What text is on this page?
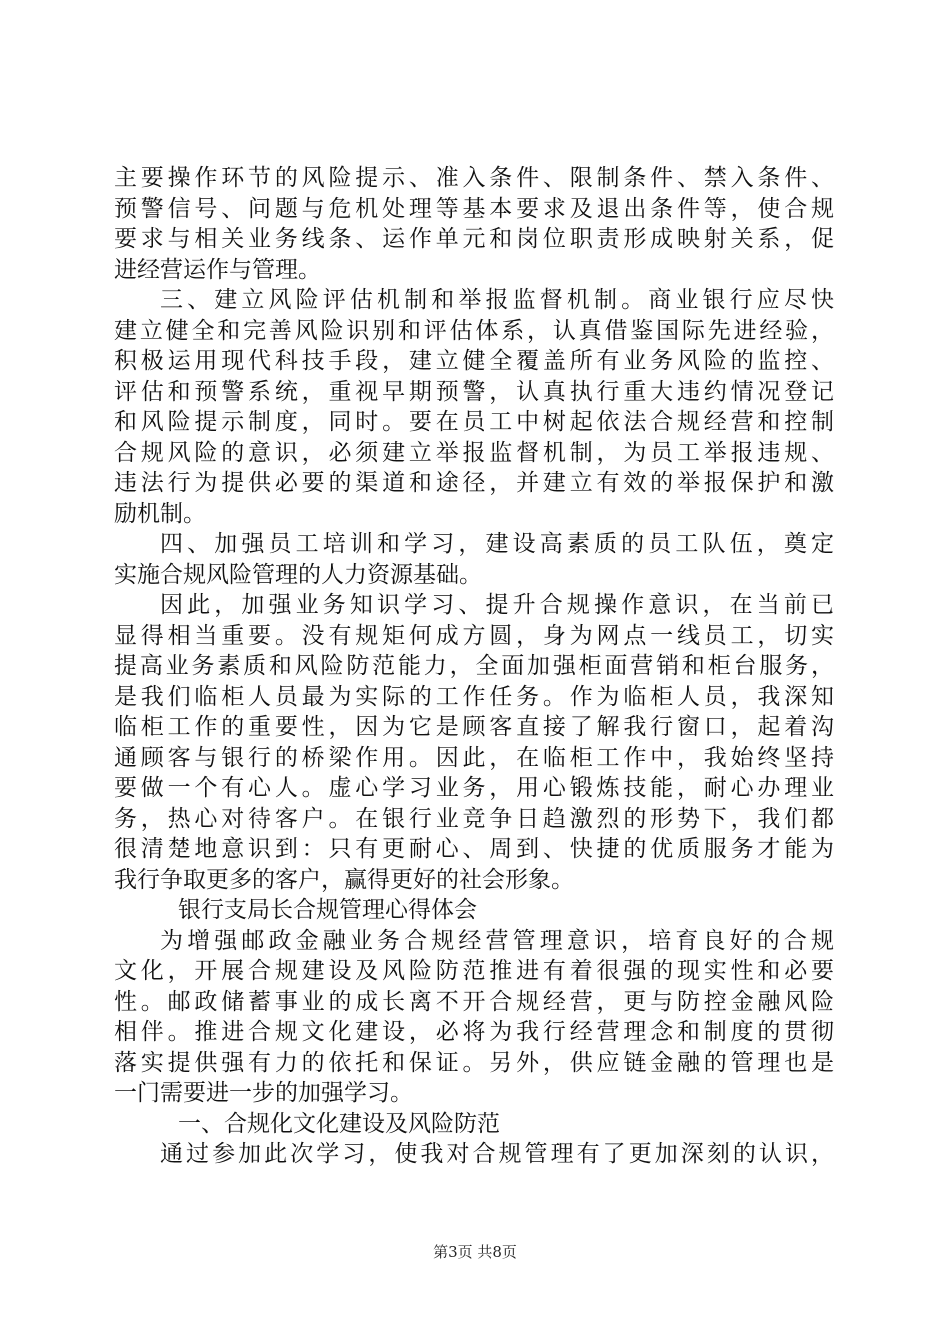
主要操作环节的风险提示、准入条件、限制条件、禁入条件、
预警信号、问题与危机处理等基本要求及退出条件等，使合规
要求与相关业务线条、运作单元和岗位职责形成映射关系，促
进经营运作与管理。
三、建立风险评估机制和举报监督机制。商业银行应尽快
建立健全和完善风险识别和评估体系，认真借鉴国际先进经验，
积极运用现代科技手段，建立健全覆盖所有业务风险的监控、
评估和预警系统，重视早期预警，认真执行重大违约情况登记
和风险提示制度，同时。要在员工中树起依法合规经营和控制
合规风险的意识，必须建立举报监督机制，为员工举报违规、
违法行为提供必要的渠道和途径，并建立有效的举报保护和激
励机制。
四、加强员工培训和学习，建设高素质的员工队伍，奠定
实施合规风险管理的人力资源基础。
因此，加强业务知识学习、提升合规操作意识，在当前已
显得相当重要。没有规矩何成方圆，身为网点一线员工，切实
提高业务素质和风险防范能力，全面加强柜面营销和柜台服务，
是我们临柜人员最为实际的工作任务。作为临柜人员，我深知
临柜工作的重要性，因为它是顾客直接了解我行窗口，起着沟
通顾客与银行的桥梁作用。因此，在临柜工作中，我始终坚持
要做一个有心人。虚心学习业务，用心锻炼技能，耐心办理业
务，热心对待客户。在银行业竞争日趋激烈的形势下，我们都
很清楚地意识到：只有更耐心、周到、快捷的优质服务才能为
我行争取更多的客户，赢得更好的社会形象。
银行支局长合规管理心得体会
为增强邮政金融业务合规经营管理意识，培育良好的合规
文化，开展合规建设及风险防范推进有着很强的现实性和必要
性。邮政储蓄事业的成长离不开合规经营，更与防控金融风险
相伴。推进合规文化建设，必将为我行经营理念和制度的贯彻
落实提供强有力的依托和保证。另外，供应链金融的管理也是
一门需要进一步的加强学习。
一、合规化文化建设及风险防范
通过参加此次学习，使我对合规管理有了更加深刻的认识，
第3页 共8页
